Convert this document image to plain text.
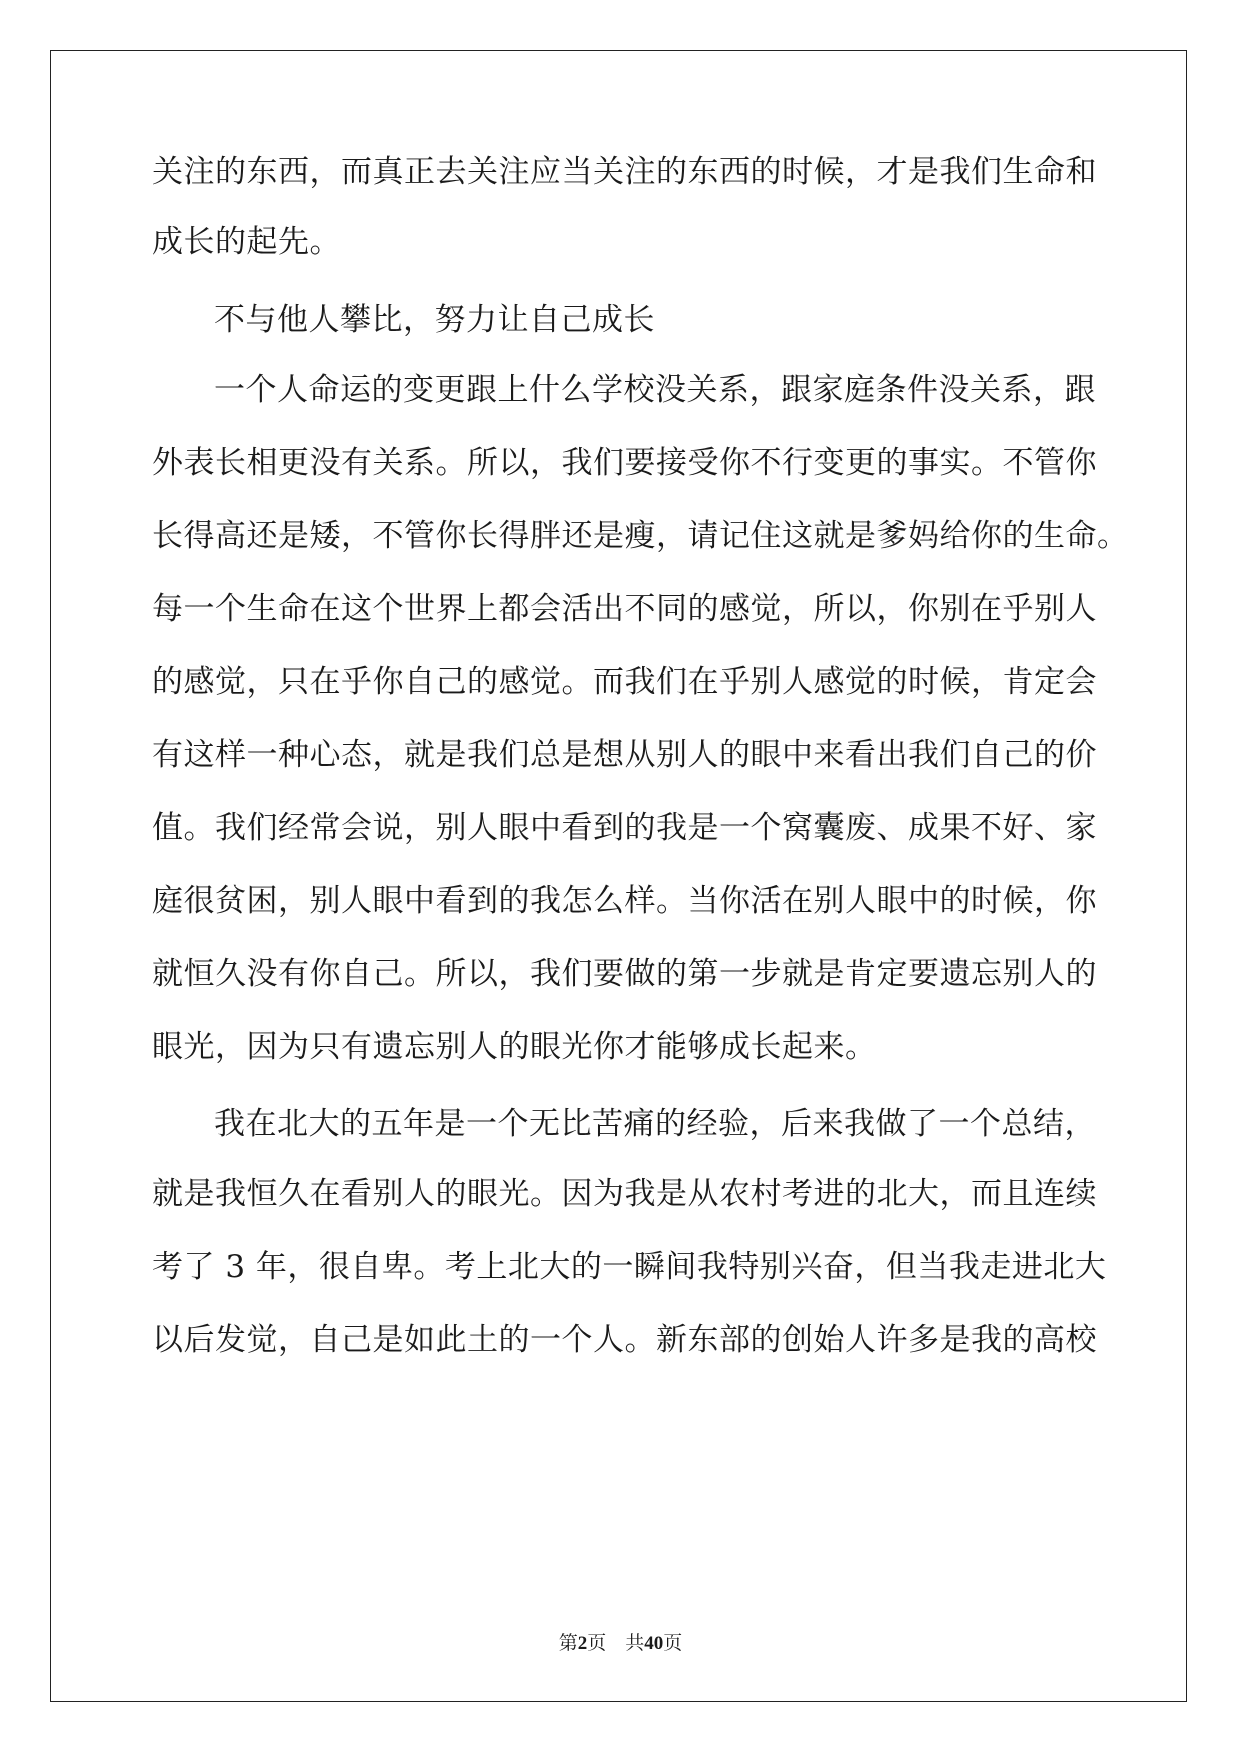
关注的东西，而真正去关注应当关注的东西的时候，才是我们生命和
成长的起先。
不与他人攀比，努力让自己成长
一个人命运的变更跟上什么学校没关系，跟家庭条件没关系，跟
外表长相更没有关系。所以，我们要接受你不行变更的事实。不管你
长得高还是矮，不管你长得胖还是瘦，请记住这就是爹妈给你的生命。
每一个生命在这个世界上都会活出不同的感觉，所以，你别在乎别人
的感觉，只在乎你自己的感觉。而我们在乎别人感觉的时候，肯定会
有这样一种心态，就是我们总是想从别人的眼中来看出我们自己的价
值。我们经常会说，别人眼中看到的我是一个窝囊废、成果不好、家
庭很贫困，别人眼中看到的我怎么样。当你活在别人眼中的时候，你
就恒久没有你自己。所以，我们要做的第一步就是肯定要遗忘别人的
眼光，因为只有遗忘别人的眼光你才能够成长起来。
我在北大的五年是一个无比苦痛的经验，后来我做了一个总结，
就是我恒久在看别人的眼光。因为我是从农村考进的北大，而且连续
考了 3 年，很自卑。考上北大的一瞬间我特别兴奋，但当我走进北大
以后发觉，自己是如此土的一个人。新东部的创始人许多是我的高校
第2页　共40页
